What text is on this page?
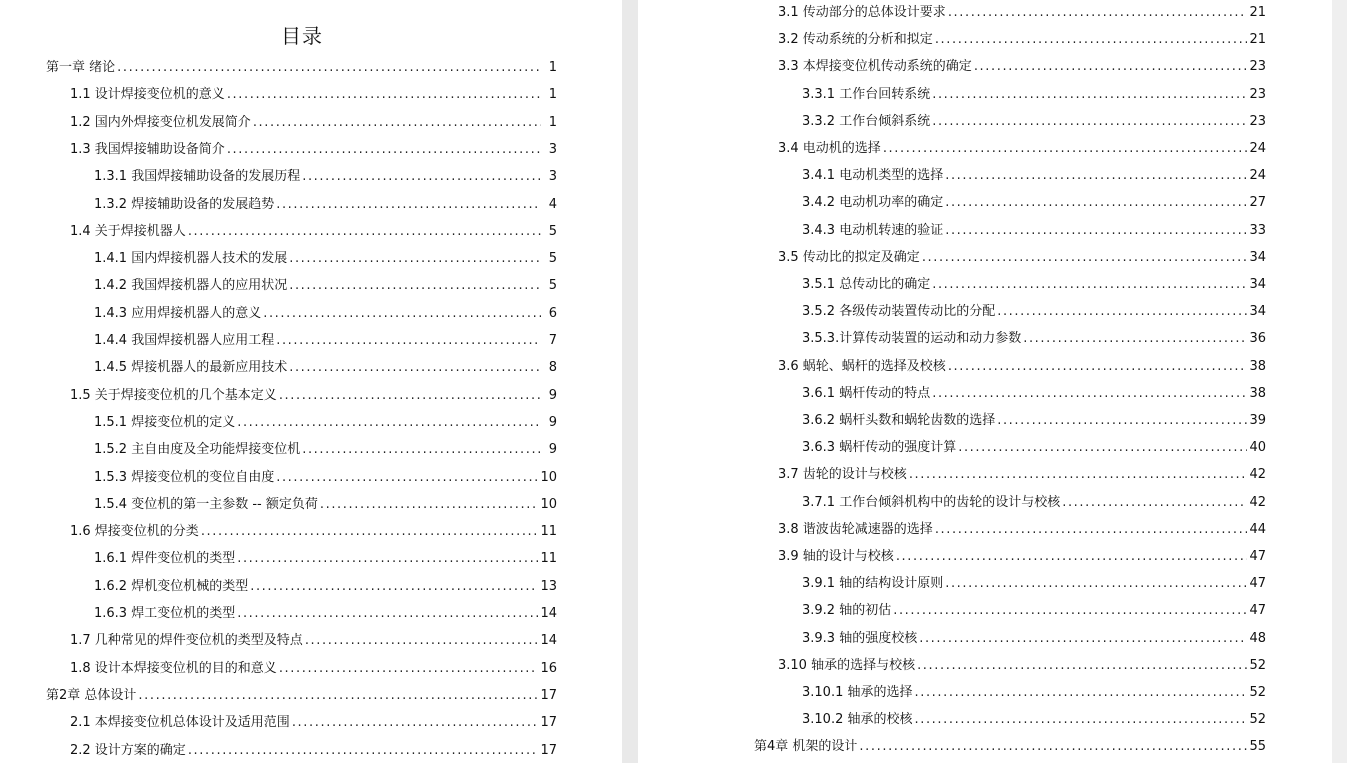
目录
第一章 绪论 .....	1
1.1 设计焊接变位机的意义 .....	1
1.2 国内外焊接变位机发展简介 .....	1
1.3 我国焊接辅助设备简介 .....	3
1.3.1 我国焊接辅助设备的发展历程 .....	3
1.3.2 焊接辅助设备的发展趋势 .....	4
1.4 关于焊接机器人 .....	5
1.4.1 国内焊接机器人技术的发展 .....	5
1.4.2 我国焊接机器人的应用状况 .....	5
1.4.3 应用焊接机器人的意义 .....	6
1.4.4 我国焊接机器人应用工程 .....	7
1.4.5 焊接机器人的最新应用技术 .....	8
1.5 关于焊接变位机的几个基本定义 .....	9
1.5.1 焊接变位机的定义 .....	9
1.5.2 主自由度及全功能焊接变位机 .....	9
1.5.3 焊接变位机的变位自由度 .....	10
1.5.4 变位机的第一主参数 -- 额定负荷 .....	10
1.6 焊接变位机的分类 .....	11
1.6.1 焊件变位机的类型 .....	11
1.6.2 焊机变位机械的类型 .....	13
1.6.3 焊工变位机的类型 .....	14
1.7 几种常见的焊件变位机的类型及特点 .....	14
1.8 设计本焊接变位机的目的和意义 .....	16
第2章 总体设计 .....	17
2.1 本焊接变位机总体设计及适用范围 .....	17
2.2 设计方案的确定 .....	17
3.1 传动部分的总体设计要求 .....	21
3.2 传动系统的分析和拟定 .....	21
3.3 本焊接变位机传动系统的确定 .....	23
3.3.1 工作台回转系统 .....	23
3.3.2 工作台倾斜系统 .....	23
3.4 电动机的选择 .....	24
3.4.1 电动机类型的选择 .....	24
3.4.2 电动机功率的确定 .....	27
3.4.3 电动机转速的验证 .....	33
3.5 传动比的拟定及确定 .....	34
3.5.1 总传动比的确定 .....	34
3.5.2 各级传动装置传动比的分配 .....	34
3.5.3.计算传动装置的运动和动力参数 .....	36
3.6 蜗轮、蜗杆的选择及校核 .....	38
3.6.1 蜗杆传动的特点 .....	38
3.6.2 蜗杆头数和蜗轮齿数的选择 .....	39
3.6.3 蜗杆传动的强度计算 .....	40
3.7 齿轮的设计与校核 .....	42
3.7.1 工作台倾斜机构中的齿轮的设计与校核 .....	42
3.8 谐波齿轮减速器的选择 .....	44
3.9 轴的设计与校核 .....	47
3.9.1 轴的结构设计原则 .....	47
3.9.2 轴的初估 .....	47
3.9.3 轴的强度校核 .....	48
3.10 轴承的选择与校核 .....	52
3.10.1 轴承的选择 .....	52
3.10.2 轴承的校核 .....	52
第4章 机架的设计 .....	55
